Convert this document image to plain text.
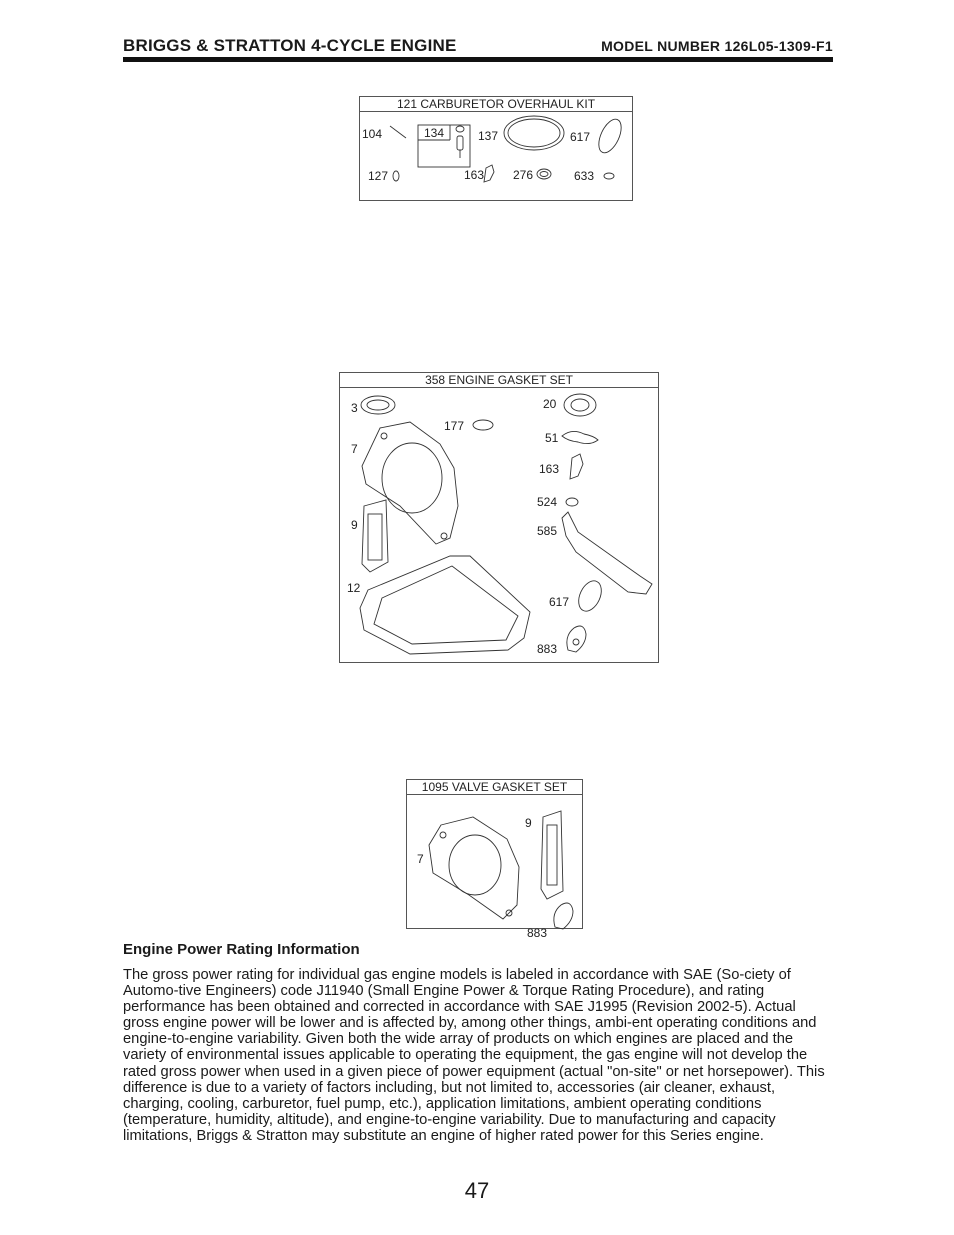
BRIGGS & STRATTON 4-CYCLE ENGINE	MODEL NUMBER 126L05-1309-F1
121 CARBURETOR OVERHAUL KIT
104	134	137	617
127	163 276	633
358 ENGINE GASKET SET
3
177
20
51
7
163
524
9	585
12
617
883
1095 VALVE GASKET SET
9
7
883
Engine Power Rating Information

The gross power rating for individual gas engine models is labeled in accordance with SAE (So-ciety of Automo-tive Engineers) code J11940 (Small Engine Power & Torque Rating Procedure), and rating performance has been obtained and corrected in accordance with SAE J1995 (Revision 2002-5). Actual gross engine power will be lower and is affected by, among other things, ambi-ent operating conditions and engine-to-engine variability. Given both the wide array of products on which engines are placed and the variety of environmental issues applicable to operating the equipment, the gas engine will not develop the rated gross power when used in a given piece of power equipment (actual "on-site" or net horsepower). This difference is due to a variety of factors including, but not limited to, accessories (air cleaner, exhaust, charging, cooling, carburetor, fuel pump, etc.), application limitations, ambient operating conditions (temperature, humidity, altitude), and engine-to-engine variability. Due to manufacturing and capacity limitations, Briggs & Stratton may substitute an engine of higher rated power for this Series engine.

47
